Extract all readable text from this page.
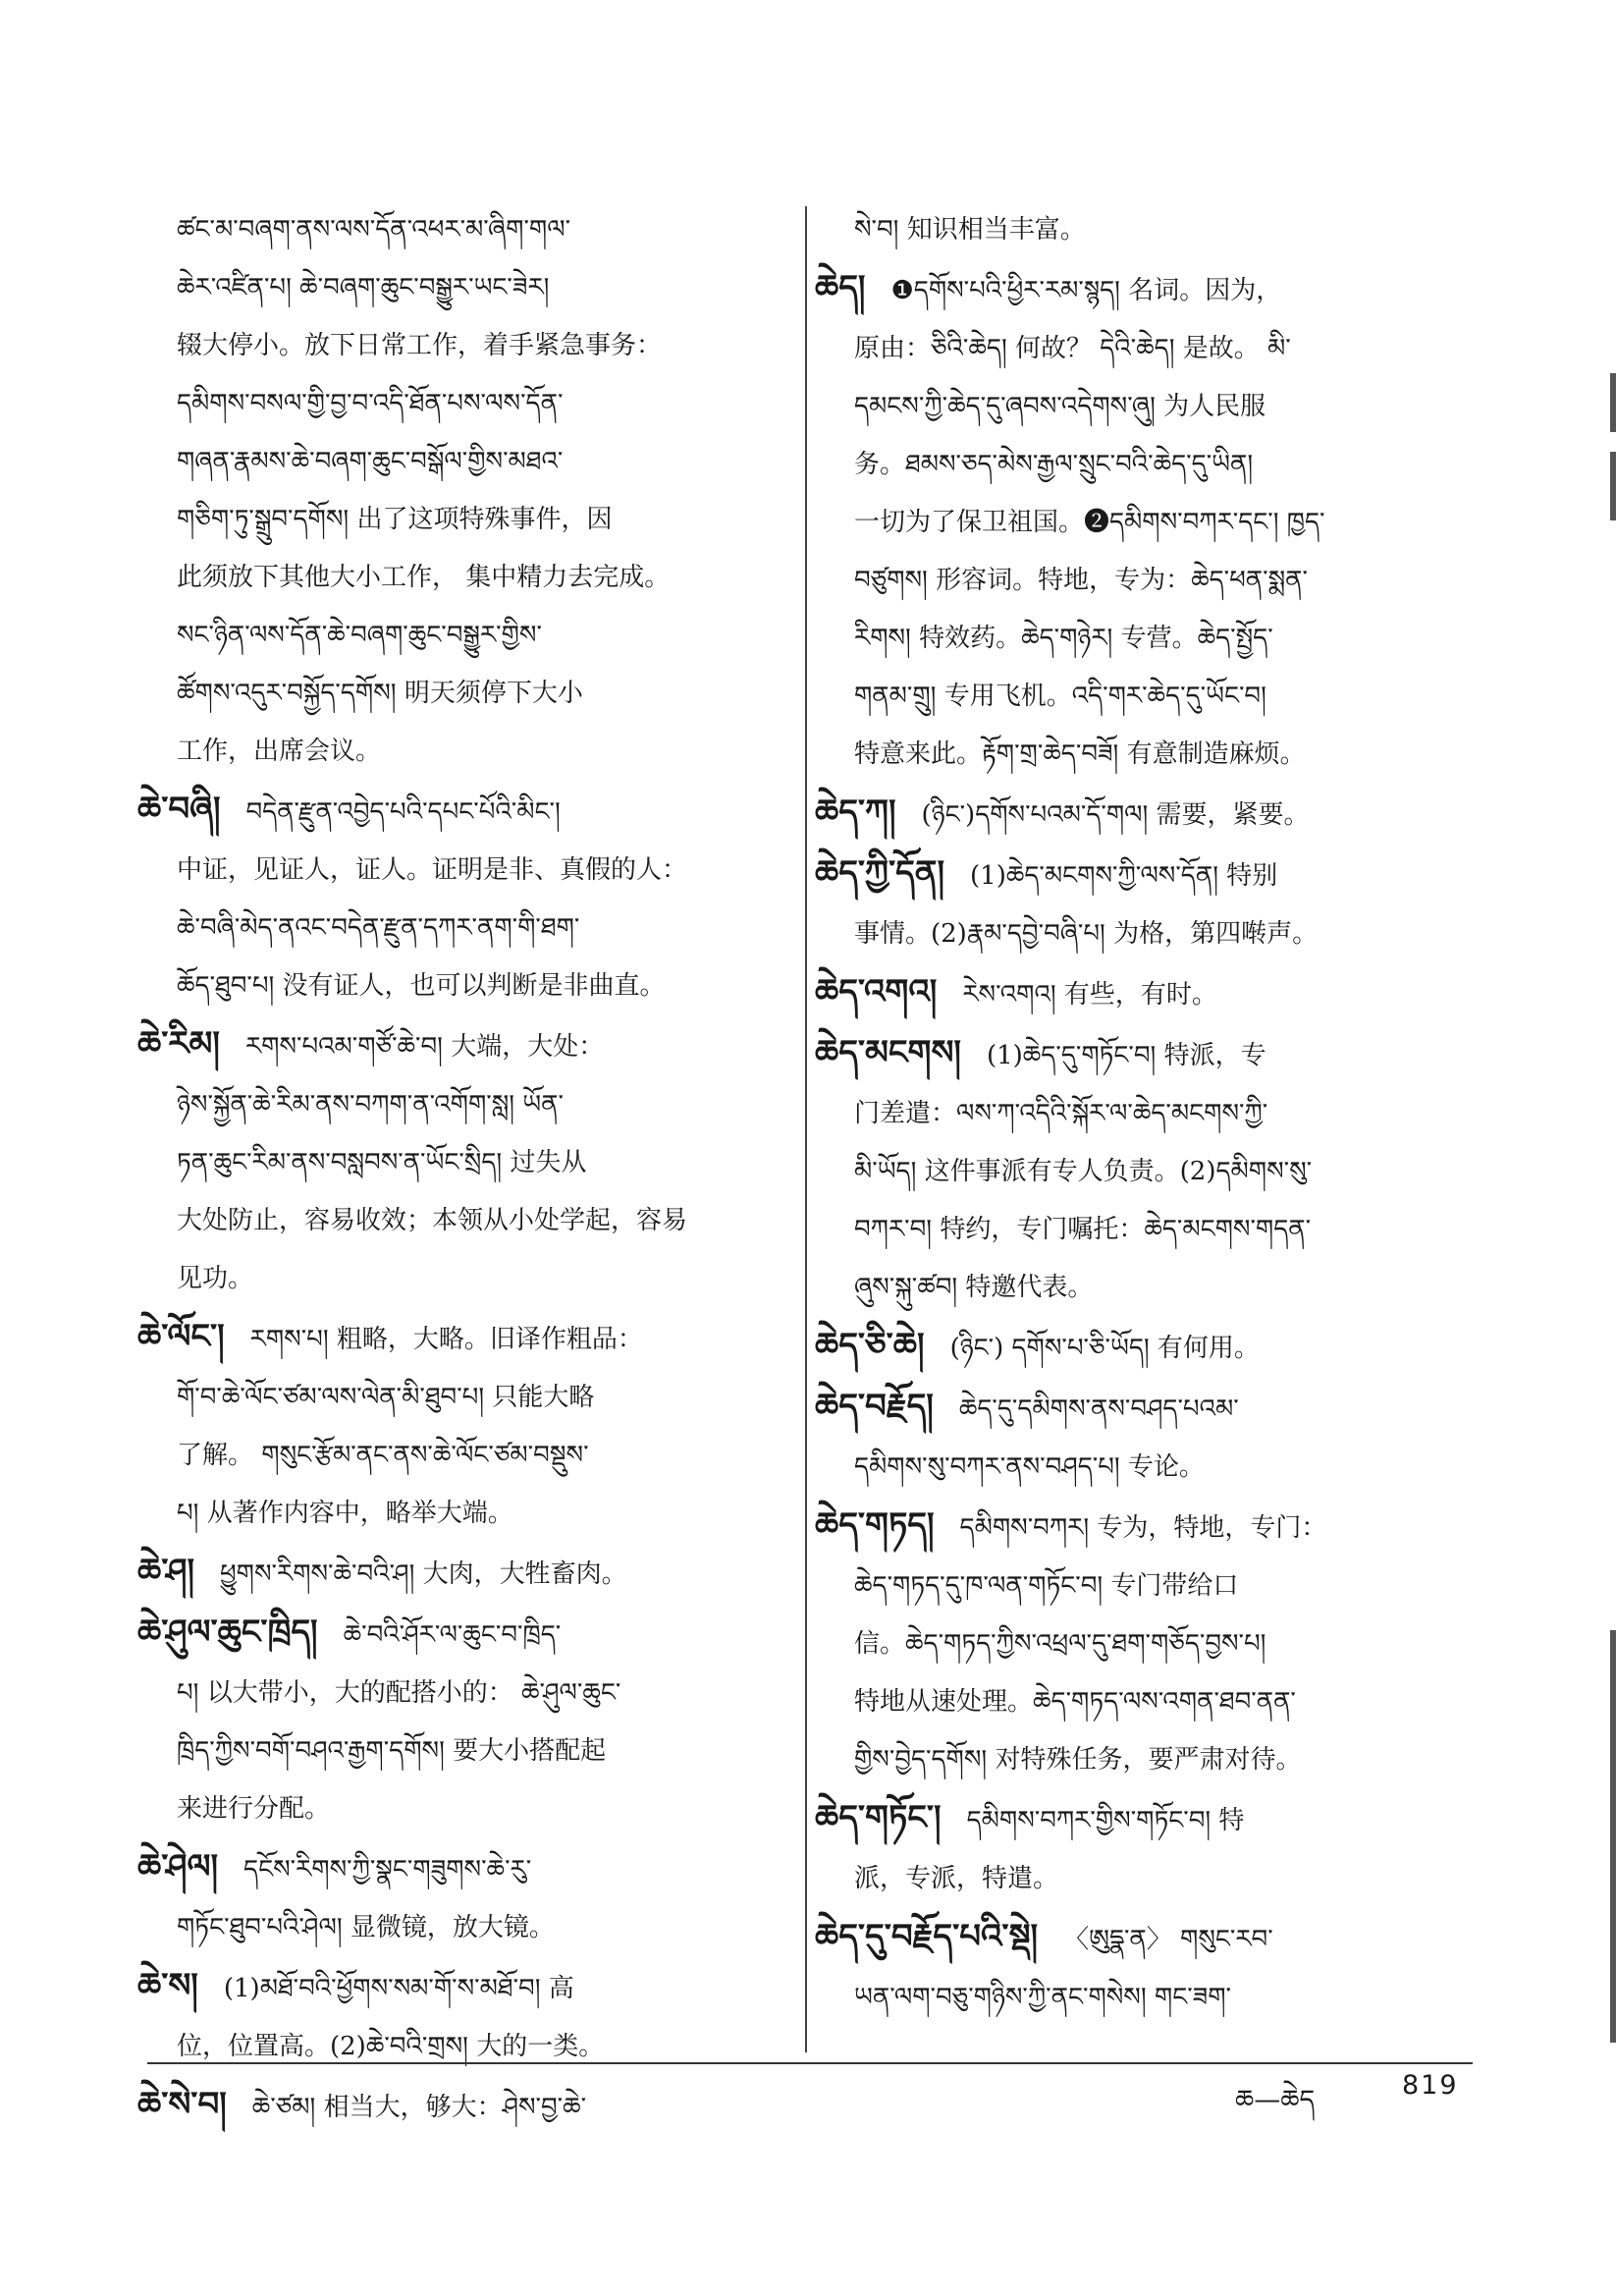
ཚང་མ་བཞག་ནས་ལས་དོན་འཕར་མ་ཞིག་གལ་
ཆེར་འཛིན་པ། ཆེ་བཞག་ཆུང་བསྒྱུར་ཡང་ཟེར།
辍大停小。放下日常工作，着手紧急事务：
དམིགས་བསལ་གྱི་བྱ་བ་འདི་ཐོན་པས་ལས་དོན་
གཞན་རྣམས་ཆེ་བཞག་ཆུང་བསྒོལ་གྱིས་མཐའ་
གཅིག་ཏུ་སྒྲུབ་དགོས། 出了这项特殊事件，因
此须放下其他大小工作， 集中精力去完成。
སང་ཉིན་ལས་དོན་ཆེ་བཞག་ཆུང་བསྒྱུར་གྱིས་
ཚོགས་འདུར་བསྐྱོད་དགོས། 明天须停下大小
工作，出席会议。
ཆེ་བཞི། བདེན་རྫུན་འབྱེད་པའི་དཔང་པོའི་མིང་།
中证，见证人，证人。证明是非、真假的人：
ཆེ་བཞི་མེད་ནའང་བདེན་རྫུན་དཀར་ནག་གི་ཐག་
ཆོད་ཐུབ་པ། 没有证人，也可以判断是非曲直。
ཆེ་རིམ། རགས་པའམ་གཙོ་ཆེ་བ། 大端，大处：
ཉེས་སྐྱོན་ཆེ་རིམ་ནས་བཀག་ན་འགོག་སླ། ཡོན་
ཏན་ཆུང་རིམ་ནས་བསླབས་ན་ཡོང་སྲིད། 过失从
大处防止，容易收效；本领从小处学起，容易
见功。
ཆེ་ལོང་། རགས་པ། 粗略，大略。旧译作粗品：
གོ་བ་ཆེ་ལོང་ཙམ་ལས་ལེན་མི་ཐུབ་པ། 只能大略
了解。 གསུང་རྩོམ་ནང་ནས་ཆེ་ལོང་ཙམ་བསྡུས་
པ། 从著作内容中，略举大端。
ཆེ་ཤ། ཕྱུགས་རིགས་ཆེ་བའི་ཤ། 大肉，大牲畜肉。
ཆེ་ཤུལ་ཆུང་ཁྲིད། ཆེ་བའི་ཤོར་ལ་ཆུང་བ་ཁྲིད་
པ། 以大带小，大的配搭小的： ཆེ་ཤུལ་ཆུང་
ཁྲིད་ཀྱིས་བགོ་བཤའ་རྒྱག་དགོས། 要大小搭配起
来进行分配。
ཆེ་ཤེལ། དངོས་རིགས་ཀྱི་སྣང་གཟུགས་ཆེ་རུ་
གཏོང་ཐུབ་པའི་ཤེལ། 显微镜，放大镜。
ཆེ་ས། (1)མཐོ་བའི་ཕྱོགས་སམ་གོ་ས་མཐོ་བ། 高
位，位置高。(2)ཆེ་བའི་གྲས། 大的一类。
ཆེ་སེ་བ། ཆེ་ཙམ། 相当大，够大：ཤེས་བྱ་ཆེ་
སེ་བ། 知识相当丰富。
ཆེད། ❶དགོས་པའི་ཕྱིར་རམ་སྙད། 名词。因为，
原由：ཅིའི་ཆེད། 何故？ དེའི་ཆེད། 是故。 མི་
དམངས་ཀྱི་ཆེད་དུ་ཞབས་འདེགས་ཞུ། 为人民服
务。ཐམས་ཅད་མེས་རྒྱལ་སྲུང་བའི་ཆེད་དུ་ཡིན།
一切为了保卫祖国。❷དམིགས་བཀར་དང་། ཁྱད་
བཙུགས། 形容词。特地，专为：ཆེད་ཕན་སྨན་
རིགས། 特效药。ཆེད་གཉེར། 专营。ཆེད་སྤྱོད་
གནམ་གྲུ། 专用飞机。འདི་གར་ཆེད་དུ་ཡོང་བ།
特意来此。རྟོག་གྲ་ཆེད་བཟོ། 有意制造麻烦。
ཆེད་ཀ། (ཉིང་)དགོས་པའམ་དོ་གལ། 需要，紧要。
ཆེད་ཀྱི་དོན། (1)ཆེད་མངགས་ཀྱི་ལས་དོན། 特别
事情。(2)རྣམ་དབྱེ་བཞི་པ། 为格，第四啭声。
ཆེད་འགའ། རེས་འགའ། 有些，有时。
ཆེད་མངགས། (1)ཆེད་དུ་གཏོང་བ། 特派，专
门差遣：ལས་ཀ་འདིའི་སྐོར་ལ་ཆེད་མངགས་ཀྱི་
མི་ཡོད། 这件事派有专人负责。(2)དམིགས་སུ་
བཀར་བ། 特约，专门嘱托：ཆེད་མངགས་གདན་
ཞུས་སྐུ་ཚབ། 特邀代表。
ཆེད་ཅི་ཆེ། (ཉིང་) དགོས་པ་ཅི་ཡོད། 有何用。
ཆེད་བརྗོད། ཆེད་དུ་དམིགས་ནས་བཤད་པའམ་
དམིགས་སུ་བཀར་ནས་བཤད་པ། 专论。
ཆེད་གཏད། དམིགས་བཀར། 专为，特地，专门：
ཆེད་གཏད་དུ་ཁ་ལན་གཏོང་བ། 专门带给口
信。ཆེད་གཏད་ཀྱིས་འཕྲལ་དུ་ཐག་གཅོད་བྱས་པ།
特地从速处理。ཆེད་གཏད་ལས་འགན་ཐབ་ནན་
གྱིས་བྱེད་དགོས། 对特殊任务，要严肃对待。
ཆེད་གཏོང་། དམིགས་བཀར་གྱིས་གཏོང་བ། 特
派，专派，特遣。
ཆེད་དུ་བརྗོད་པའི་སྡེ། 〈ཨུདྣ་ན〉 གསུང་རབ་
ཡན་ལག་བཅུ་གཉིས་ཀྱི་ནང་གསེས། གང་ཟག་
ཆ—ཆེད	819
